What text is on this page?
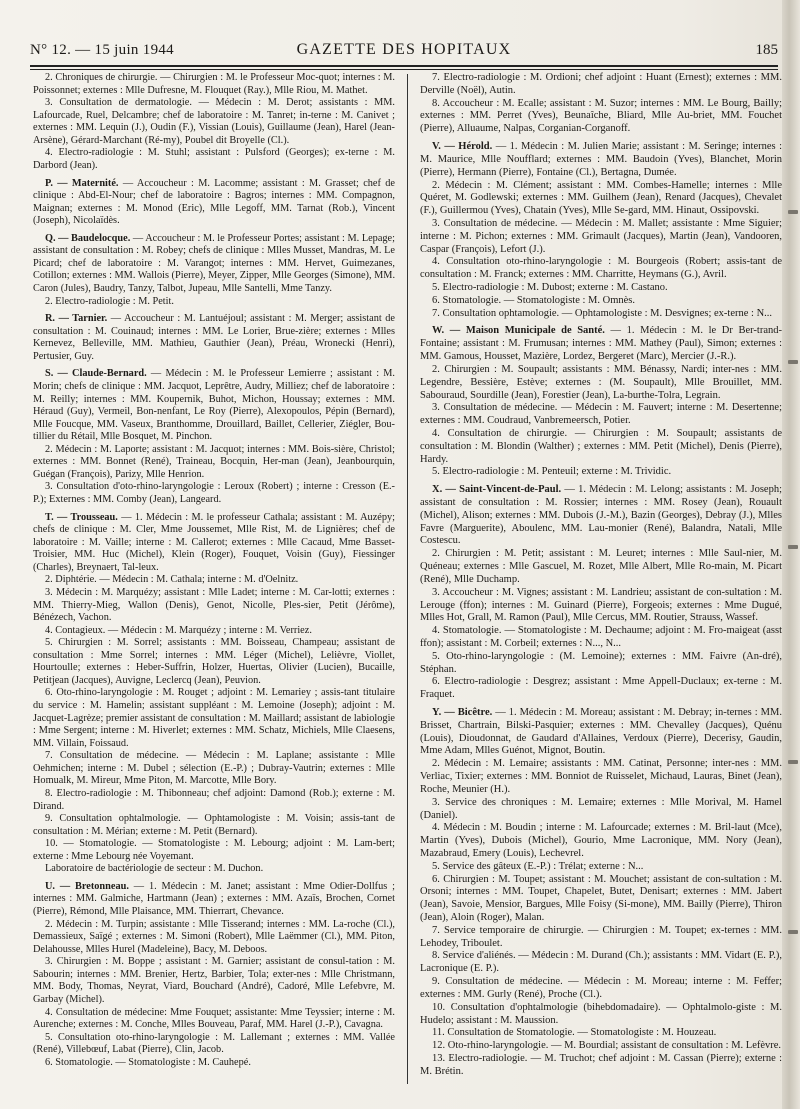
N° 12. — 15 juin 1944	GAZETTE DES HOPITAUX	185

2. Chroniques de chirurgie. — Chirurgien : M. le Professeur Moc-quot; internes : M. Poissonnet; externes : Mlle Dufresne, M. Flouquet (Ray.), Mlle Riou, M. Mathet.

3. Consultation de dermatologie. — Médecin : M. Derot; assistants : MM. Lafourcade, Ruel, Delcambre; chef de laboratoire : M. Tanret; in-terne : M. Canivet ; externes : MM. Lequin (J.), Oudin (F.), Vissian (Louis), Guillaume (Jean), Harel (Jean-Arsène), Gérard-Marchant (Ré-my), Poubel dit Broyelle (Cl.).

4. Electro-radiologie : M. Stuhl; assistant : Pulsford (Georges); ex-terne : M. Darbord (Jean).

P. — Maternité. — Accoucheur : M. Lacomme; assistant : M. Grasset; chef de clinique : Abd-El-Nour; chef de laboratoire : Bagros; internes : MM. Compagnon, Maignan; externes : M. Monod (Eric), Mlle Legoff, MM. Tarnat (Rob.), Vincent (Joseph), Nicolaïdès.

Q. — Baudelocque. — Accoucheur : M. le Professeur Portes; assistant : M. Lepage; assistant de consultation : M. Robey; chefs de clinique : Mlles Musset, Mandras, M. Le Picard; chef de laboratoire : M. Varangot; internes : MM. Hervet, Guimezanes, Cotillon; externes : MM. Wallois (Pierre), Meyer, Zipper, Mlle Georges (Simone), MM. Caron (Jules), Baudry, Tanzy, Talbot, Jupeau, Mlle Santelli, Mme Tanzy.

2. Electro-radiologie : M. Petit.

R. — Tarnier. — Accoucheur : M. Lantuéjoul; assistant : M. Merger; assistant de consultation : M. Couinaud; internes : MM. Le Lorier, Brue-zière; externes : Mlles Kernevez, Belleville, MM. Mathieu, Gauthier (Jean), Préau, Wronecki (Henri), Pertusier, Guy.

S. — Claude-Bernard. — Médecin : M. le Professeur Lemierre ; assistant : M. Morin; chefs de clinique : MM. Jacquot, Leprêtre, Audry, Milliez; chef de laboratoire : M. Reilly; internes : MM. Koupernik, Buhot, Michon, Houssay; externes : MM. Héraud (Guy), Vermeil, Bon-nenfant, Le Roy (Pierre), Alexopoulos, Pépin (Bernard), Mlle Foucque, MM. Vaseux, Branthomme, Drouillard, Baillet, Cellerier, Ziégler, Bou-tillier du Rétail, Mlle Bosquet, M. Pinchon.

2. Médecin : M. Laporte; assistant : M. Jacquot; internes : MM. Bois-sière, Christol; externes : MM. Bonnet (René), Traineau, Bocquin, Her-man (Jean), Jeanbourquin, Guégan (François), Parizy, Mlle Henrion.

3. Consultation d'oto-rhino-laryngologie : Leroux (Robert) ; interne : Cresson (E.-P.); Externes : MM. Comby (Jean), Langeard.

T. — Trousseau. — 1. Médecin : M. le professeur Cathala; assistant : M. Auzépy; chefs de clinique : M. Cler, Mme Joussemet, Mlle Rist, M. de Lignières; chef de laboratoire : M. Vaille; interne : M. Callerot; externes : Mlle Cacaud, Mme Basset-Troisier, MM. Huc (Michel), Klein (Roger), Fouquet, Voisin (Guy), Fiessinger (Charles), Breynaert, Tal-leux.

2. Diphtérie. — Médecin : M. Cathala; interne : M. d'Oelnitz.

3. Médecin : M. Marquézy; assistant : Mlle Ladet; interne : M. Car-lotti; externes : MM. Thierry-Mieg, Wallon (Denis), Genot, Nicolle, Ples-sier, Petit (Jérôme), Bénézech, Vachon.

4. Contagieux. — Médecin : M. Marquézy ; interne : M. Verriez.

5. Chirurgien : M. Sorrel; assistants : MM. Boisseau, Champeau; assistant de consultation : Mme Sorrel; internes : MM. Léger (Michel), Lelièvre, Viollet, Hourtoulle; externes : Heber-Suffrin, Holzer, Huertas, Olivier (Lucien), Bucaille, Petitjean (Jacques), Auvigne, Leclercq (Jean), Peuvion.

6. Oto-rhino-laryngologie : M. Rouget ; adjoint : M. Lemariey ; assis-tant titulaire du service : M. Hamelin; assistant suppléant : M. Lemoine (Joseph); adjoint : M. Jacquet-Lagrèze; premier assistant de consultation : M. Maillard; assistant de labiologie : Mme Sergent; interne : M. Hiverlet; externes : MM. Schatz, Michiels, Mlle Claesens, MM. Villain, Foissaud.

7. Consultation de médecine. — Médecin : M. Laplane; assistante : Mlle Oehmichen; interne : M. Dubel ; sélection (E.-P.) ; Dubray-Vautrin; externes : Mlle Homualk, M. Mireur, Mme Piton, M. Marcotte, Mlle Bory.

8. Electro-radiologie : M. Thibonneau; chef adjoint: Damond (Rob.); externe : M. Dirand.

9. Consultation ophtalmologie. — Ophtamologiste : M. Voisin; assis-tant de consultation : M. Mérian; externe : M. Petit (Bernard).

10. — Stomatologie. — Stomatologiste : M. Lebourg; adjoint : M. Lam-bert; externe : Mme Lebourg née Voyemant.

Laboratoire de bactériologie de secteur : M. Duchon.

U. — Bretonneau. — 1. Médecin : M. Janet; assistant : Mme Odier-Dollfus ; internes : MM. Galmiche, Hartmann (Jean) ; externes : MM. Azaïs, Brochen, Cornet (Pierre), Rémond, Mlle Plaisance, MM. Thierrart, Chevance.

2. Médecin : M. Turpin; assistante : Mlle Tisserand; internes : MM. La-roche (Cl.), Demassieux, Saïgé ; externes : M. Simoni (Robert), Mlle Laëmmer (Cl.), MM. Piton, Delahousse, Mlles Hurel (Madeleine), Bacy, M. Deboos.

3. Chirurgien : M. Boppe ; assistant : M. Garnier; assistant de consul-tation : M. Sabourin; internes : MM. Brenier, Hertz, Barbier, Tola; exter-nes : Mlle Christmann, MM. Body, Thomas, Neyrat, Viard, Bouchard (André), Cadoré, Mlle Lefebvre, M. Garbay (Michel).

4. Consultation de médecine: Mme Fouquet; assistante: Mme Teyssier; interne : M. Aurenche; externes : M. Conche, Mlles Bouveau, Paraf, MM. Harel (J.-P.), Cavagna.

5. Consultation oto-rhino-laryngologie : M. Lallemant ; externes : MM. Vallée (René), Villebœuf, Labat (Pierre), Clin, Jacob.

6. Stomatologie. — Stomatologiste : M. Cauhepé.

7. Electro-radiologie : M. Ordioni; chef adjoint : Huant (Ernest); externes : MM. Derville (Noël), Autin.

8. Accoucheur : M. Ecalle; assistant : M. Suzor; internes : MM. Le Bourg, Bailly; externes : MM. Perret (Yves), Beunaîche, Bliard, Mlle Au-briet, MM. Fouchet (Pierre), Alluaume, Nalpas, Corganian-Corganoff.

V. — Hérold. — 1. Médecin : M. Julien Marie; assistant : M. Seringe; internes : M. Maurice, Mlle Noufflard; externes : MM. Baudoin (Yves), Blanchet, Morin (Pierre), Hermann (Pierre), Fontaine (Cl.), Bertagna, Dumée.

2. Médecin : M. Clément; assistant : MM. Combes-Hamelle; internes : Mlle Quéret, M. Godlewski; externes : MM. Guilhem (Jean), Renard (Jacques), Chevalet (F.), Guillermou (Yves), Chatain (Yves), Mlle Se-gard, MM. Hinaut, Ossipovski.

3. Consultation de médecine. — Médecin : M. Mallet; assistante : Mme Siguier; interne : M. Pichon; externes : MM. Grimault (Jacques), Martin (Jean), Vandooren, Caspar (François), Lefort (J.).

4. Consultation oto-rhino-laryngologie : M. Bourgeois (Robert; assis-tant de consultation : M. Franck; externes : MM. Charritte, Heymans (G.), Avril.

5. Electro-radiologie : M. Dubost; externe : M. Castano.

6. Stomatologie. — Stomatologiste : M. Omnès.

7. Consultation ophtamologie. — Ophtamologiste : M. Desvignes; ex-terne : N...

W. — Maison Municipale de Santé. — 1. Médecin : M. le Dr Ber-trand-Fontaine; assistant : M. Frumusan; internes : MM. Mathey (Paul), Simon; externes : MM. Gamous, Housset, Mazière, Lordez, Bergeret (Marc), Mercier (J.-R.).

2. Chirurgien : M. Soupault; assistants : MM. Bénassy, Nardi; inter-nes : MM. Legendre, Bessière, Estève; externes : (M. Soupault), Mlle Brouillet, MM. Sabouraud, Sourdille (Jean), Forestier (Jean), La-burthe-Tolra, Legrain.

3. Consultation de médecine. — Médecin : M. Fauvert; interne : M. Desertenne; externes : MM. Coudraud, Vanbremeersch, Potier.

4. Consultation de chirurgie. — Chirurgien : M. Soupault; assistants de consultation : M. Blondin (Walther) ; externes : MM. Petit (Michel), Denis (Pierre), Hardy.

5. Electro-radiologie : M. Penteuil; externe : M. Trividic.

X. — Saint-Vincent-de-Paul. — 1. Médecin : M. Lelong; assistants : M. Joseph; assistant de consultation : M. Rossier; internes : MM. Rosey (Jean), Rouault (Michel), Alison; externes : MM. Dubois (J.-M.), Bazin (Georges), Debray (J.), Mlles Favre (Marguerite), Aboulenc, MM. Lau-monier (René), Balandra, Natali, Mlle Costescu.

2. Chirurgien : M. Petit; assistant : M. Leuret; internes : Mlle Saul-nier, M. Quéneau; externes : Mlle Gascuel, M. Rozet, Mlle Albert, Mlle Ro-main, M. Picart (René), Mlle Duchamp.

3. Accoucheur : M. Vignes; assistant : M. Landrieu; assistant de con-sultation : M. Lerouge (ffon); internes : M. Guinard (Pierre), Forgeois; externes : Mme Dugué, Mlles Hot, Grall, M. Ramon (Paul), Mlle Cercus, MM. Routier, Strauss, Wassef.

4. Stomatologie. — Stomatologiste : M. Dechaume; adjoint : M. Fro-maigeat (asst ffon); assistant : M. Corbeil; externes : N..., N...

5. Oto-rhino-laryngologie : (M. Lemoine); externes : MM. Faivre (An-dré), Stéphan.

6. Electro-radiologie : Desgrez; assistant : Mme Appell-Duclaux; ex-terne : M. Fraquet.

Y. — Bicêtre. — 1. Médecin : M. Moreau; assistant : M. Debray; in-ternes : MM. Brisset, Chartrain, Bilski-Pasquier; externes : MM. Chevalley (Jacques), Quénu (Louis), Dioudonnat, de Gaudard d'Allaines, Verdoux (Pierre), Decerisy, Gaudin, Mme Adam, Mlles Guénot, Mignot, Boutin.

2. Médecin : M. Lemaire; assistants : MM. Catinat, Personne; inter-nes : MM. Verliac, Tixier; externes : MM. Bonniot de Ruisselet, Michaud, Lauras, Binet (Jean), Roche, Meunier (H.).

3. Service des chroniques : M. Lemaire; externes : Mlle Morival, M. Hamel (Daniel).

4. Médecin : M. Boudin ; interne : M. Lafourcade; externes : M. Bril-laut (Mce), Martin (Yves), Dubois (Michel), Gourio, Mme Lacronique, MM. Nory (Jean), Mazabraud, Emery (Louis), Lechevrel.

5. Service des gâteux (E.-P.) : Trélat; externe : N...

6. Chirurgien : M. Toupet; assistant : M. Mouchet; assistant de con-sultation : M. Orsoni; internes : MM. Toupet, Chapelet, Butet, Denisart; externes : MM. Jabert (Jean), Savoie, Mensior, Bargues, Mlle Foisy (Si-mone), MM. Bailly (Pierre), Thiron (Jean), Aloin (Roger), Malan.

7. Service temporaire de chirurgie. — Chirurgien : M. Toupet; ex-ternes : MM. Lehodey, Triboulet.

8. Service d'aliénés. — Médecin : M. Durand (Ch.); assistants : MM. Vidart (E. P.), Lacronique (E. P.).

9. Consultation de médecine. — Médecin : M. Moreau; interne : M. Feffer; externes : MM. Gurly (René), Proche (Cl.).

10. Consultation d'ophtalmologie (bihebdomadaire). — Ophtalmolo-giste : M. Hudelo; assistant : M. Maussion.

11. Consultation de Stomatologie. — Stomatologiste : M. Houzeau.

12. Oto-rhino-laryngologie. — M. Bourdial; assistant de consultation : M. Lefèvre.

13. Electro-radiologie. — M. Truchot; chef adjoint : M. Cassan (Pierre); externe : M. Brétin.
